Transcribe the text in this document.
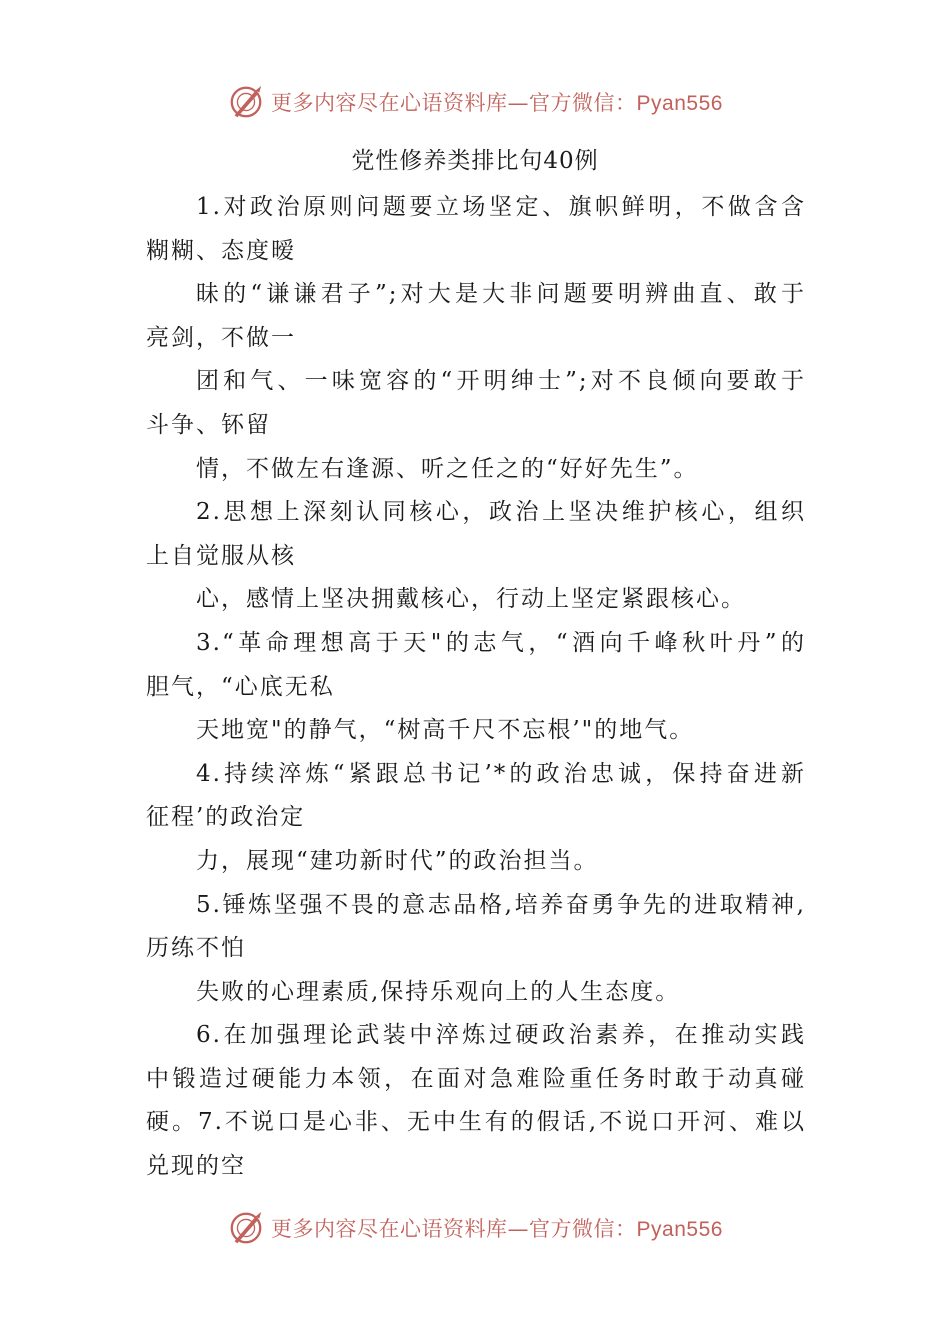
更多内容尽在心语资料库—官方微信：Pyan556
党性修养类排比句40例
1.对政治原则问题要立场坚定、旗帜鲜明，不做含含
糊糊、态度暧
昧的“谦谦君子”;对大是大非问题要明辨曲直、敢于
亮剑，不做一
团和气、一味宽容的“开明绅士”;对不良倾向要敢于
斗争、钚留
情，不做左右逢源、听之任之的“好好先生”。
2.思想上深刻认同核心，政治上坚决维护核心，组织
上自觉服从核
心，感情上坚决拥戴核心，行动上坚定紧跟核心。
3.“革命理想高于天"的志气，“酒向千峰秋叶丹”的
胆气，“心底无私
天地宽"的静气，“树高千尺不忘根’"的地气。
4.持续淬炼“紧跟总书记’*的政治忠诚，保持奋进新
征程’的政治定
力，展现“建功新时代”的政治担当。
5.锤炼坚强不畏的意志品格,培养奋勇争先的进取精神,
历练不怕
失败的心理素质,保持乐观向上的人生态度。
6.在加强理论武装中淬炼过硬政治素养，在推动实践
中锻造过硬能力本领，在面对急难险重任务时敢于动真碰
硬。7.不说口是心非、无中生有的假话,不说口开河、难以
兑现的空
更多内容尽在心语资料库—官方微信：Pyan556
